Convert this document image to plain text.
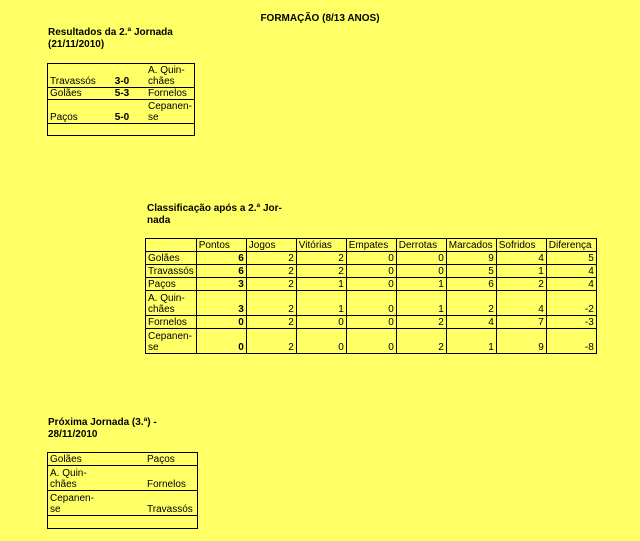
FORMAÇÃO (8/13 ANOS)
Resultados da 2.ª Jornada
(21/11/2010)
Travassós	3-0	A. Quin-chães
Golães	5-3	Fornelos
Paços	5-0	Cepanen-se

Classificação após a 2.ª Jor-
nada
	Pontos	Jogos	Vitórias	Empates	Derrotas	Marcados	Sofridos	Diferença
Golães	6	2	2	0	0	9	4	5
Travassós	6	2	2	0	0	5	1	4
Paços	3	2	1	0	1	6	2	4
A. Quin-chães	3	2	1	0	1	2	4	-2
Fornelos	0	2	0	0	2	4	7	-3
Cepanen-se	0	2	0	0	2	1	9	-8
Próxima Jornada (3.ª) -
28/11/2010
Golães		Paços
A. Quin-chães		Fornelos
Cepanen-se		Travassós
